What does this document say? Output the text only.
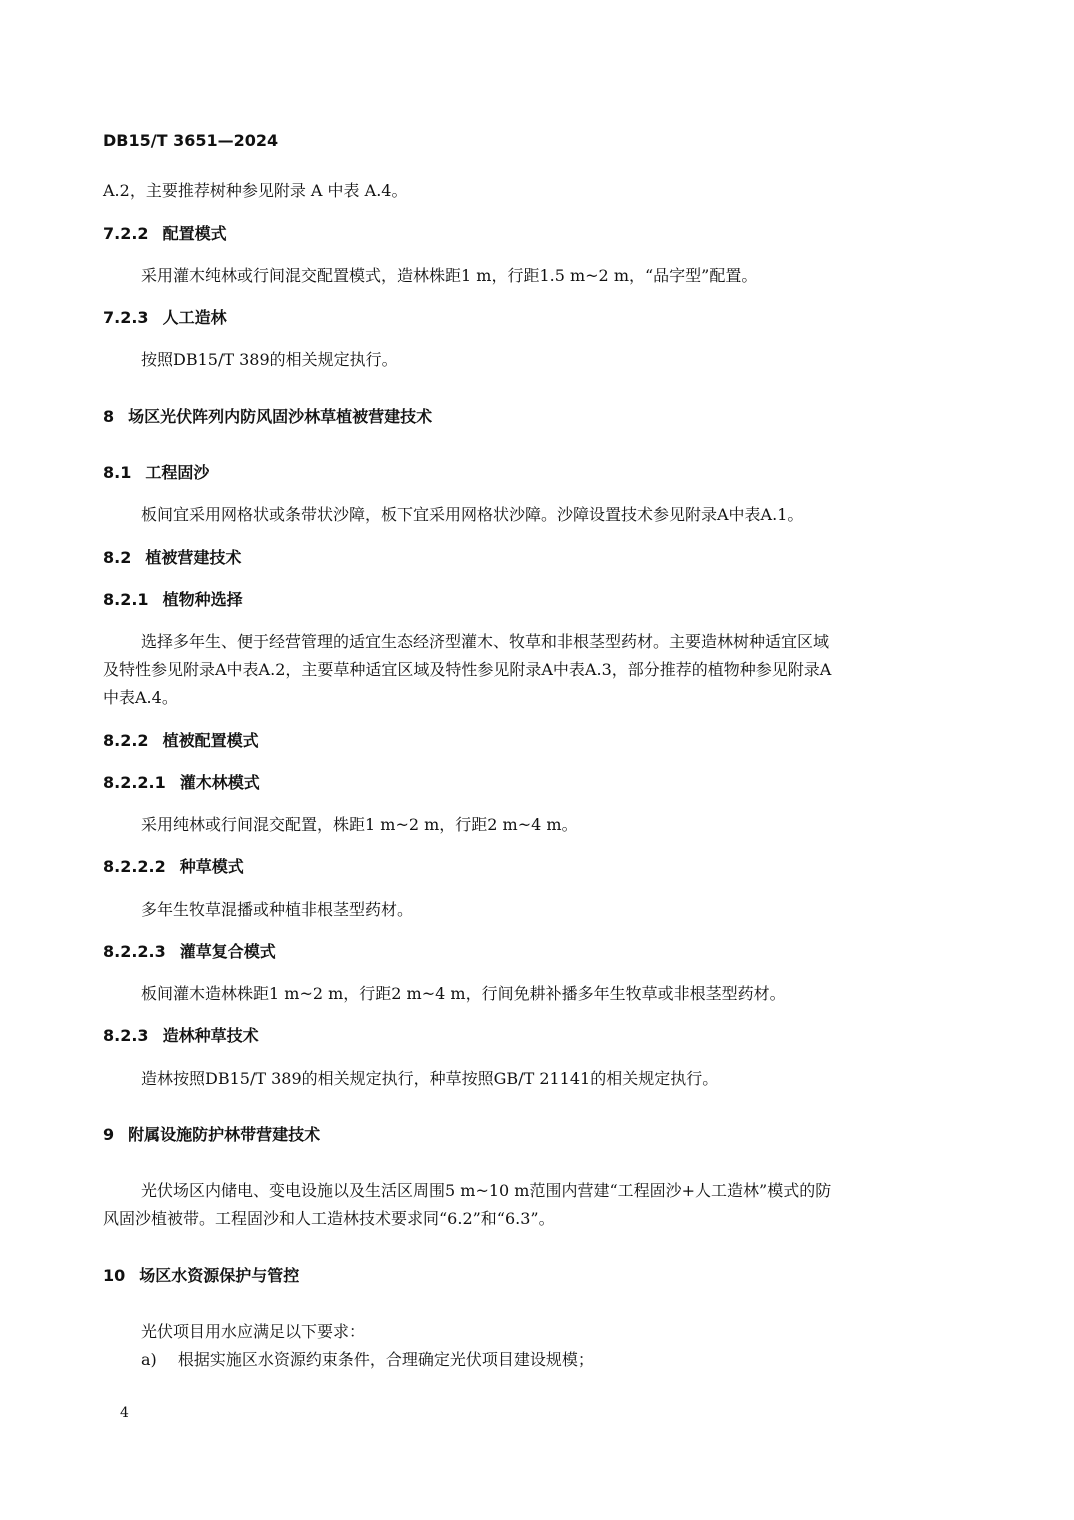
DB15/T 3651—2024
A.2，主要推荐树种参见附录 A 中表 A.4。
7.2.2 配置模式
采用灌木纯林或行间混交配置模式，造林株距1 m，行距1.5 m~2 m，“品字型”配置。
7.2.3 人工造林
按照DB15/T 389的相关规定执行。
8 场区光伏阵列内防风固沙林草植被营建技术
8.1 工程固沙
板间宜采用网格状或条带状沙障，板下宜采用网格状沙障。沙障设置技术参见附录A中表A.1。
8.2 植被营建技术
8.2.1 植物种选择
选择多年生、便于经营管理的适宜生态经济型灌木、牧草和非根茎型药材。主要造林树种适宜区域
及特性参见附录A中表A.2，主要草种适宜区域及特性参见附录A中表A.3，部分推荐的植物种参见附录A
中表A.4。
8.2.2 植被配置模式
8.2.2.1 灌木林模式
采用纯林或行间混交配置，株距1 m~2 m，行距2 m~4 m。
8.2.2.2 种草模式
多年生牧草混播或种植非根茎型药材。
8.2.2.3 灌草复合模式
板间灌木造林株距1 m~2 m，行距2 m~4 m，行间免耕补播多年生牧草或非根茎型药材。
8.2.3 造林种草技术
造林按照DB15/T 389的相关规定执行，种草按照GB/T 21141的相关规定执行。
9 附属设施防护林带营建技术
光伏场区内储电、变电设施以及生活区周围5 m~10 m范围内营建“工程固沙+人工造林”模式的防
风固沙植被带。工程固沙和人工造林技术要求同“6.2”和“6.3”。
10 场区水资源保护与管控
光伏项目用水应满足以下要求：
a) 根据实施区水资源约束条件，合理确定光伏项目建设规模；
4
